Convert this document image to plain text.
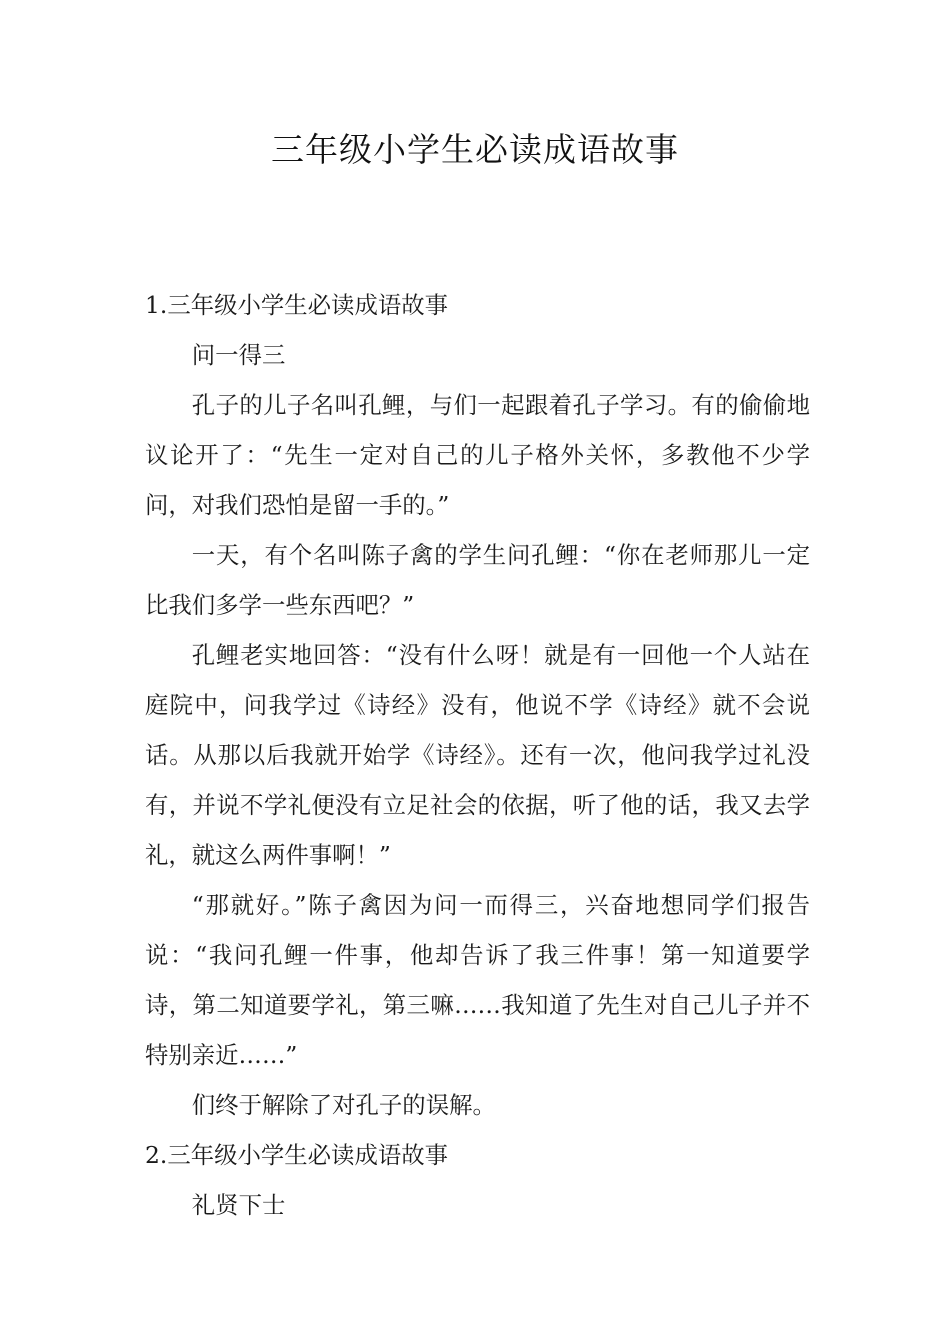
三年级小学生必读成语故事

1.三年级小学生必读成语故事

问一得三

孔子的儿子名叫孔鲤，与们一起跟着孔子学习。有的偷偷地议论开了：“先生一定对自己的儿子格外关怀，多教他不少学问，对我们恐怕是留一手的。”

一天，有个名叫陈子禽的学生问孔鲤：“你在老师那儿一定比我们多学一些东西吧？”

孔鲤老实地回答：“没有什么呀！就是有一回他一个人站在庭院中，问我学过《诗经》没有，他说不学《诗经》就不会说话。从那以后我就开始学《诗经》。还有一次，他问我学过礼没有，并说不学礼便没有立足社会的依据，听了他的话，我又去学礼，就这么两件事啊！”

“那就好。”陈子禽因为问一而得三，兴奋地想同学们报告说：“我问孔鲤一件事，他却告诉了我三件事！第一知道要学诗，第二知道要学礼，第三嘛……我知道了先生对自己儿子并不特别亲近……”

们终于解除了对孔子的误解。

2.三年级小学生必读成语故事

礼贤下士
